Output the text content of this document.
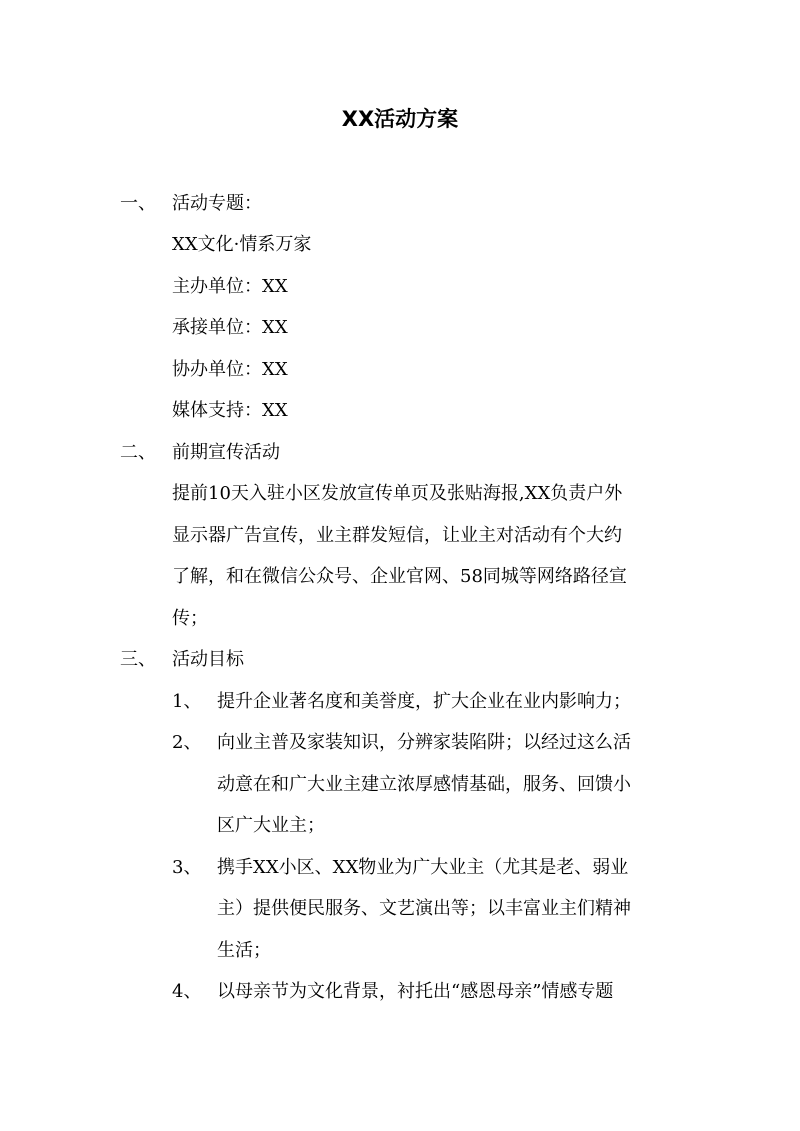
XX活动方案
一、 活动专题：
XX文化·情系万家
主办单位：XX
承接单位：XX
协办单位：XX
媒体支持：XX
二、 前期宣传活动
提前10天入驻小区发放宣传单页及张贴海报,XX负责户外
显示器广告宣传，业主群发短信，让业主对活动有个大约
了解，和在微信公众号、企业官网、58同城等网络路径宣
传；
三、 活动目标
1、 提升企业著名度和美誉度，扩大企业在业内影响力；
2、 向业主普及家装知识，分辨家装陷阱；以经过这么活
动意在和广大业主建立浓厚感情基础，服务、回馈小
区广大业主；
3、 携手XX小区、XX物业为广大业主（尤其是老、弱业
主）提供便民服务、文艺演出等；以丰富业主们精神
生活；
4、 以母亲节为文化背景，衬托出“感恩母亲”情感专题
